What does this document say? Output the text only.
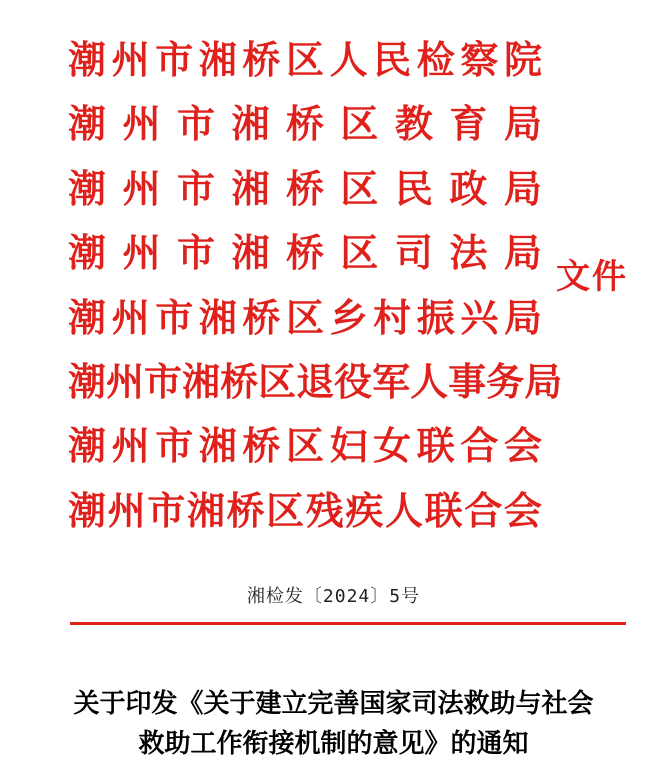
潮 州 市 湘 桥 区 人 民 检 察 院
潮 州 市 湘 桥 区 教 育 局
潮 州 市 湘 桥 区 民 政 局
潮 州 市 湘 桥 区 司 法 局
潮 州 市 湘 桥 区 乡 村 振 兴 局
潮 州 市 湘 桥 区 退 役 军 人 事 务 局
潮 州 市 湘 桥 区 妇 女 联 合 会
潮 州 市 湘 桥 区 残 疾 人 联 合 会
文件
湘检发〔2024〕5号
关于印发《关于建立完善国家司法救助与社会
救助工作衔接机制的意见》的通知
